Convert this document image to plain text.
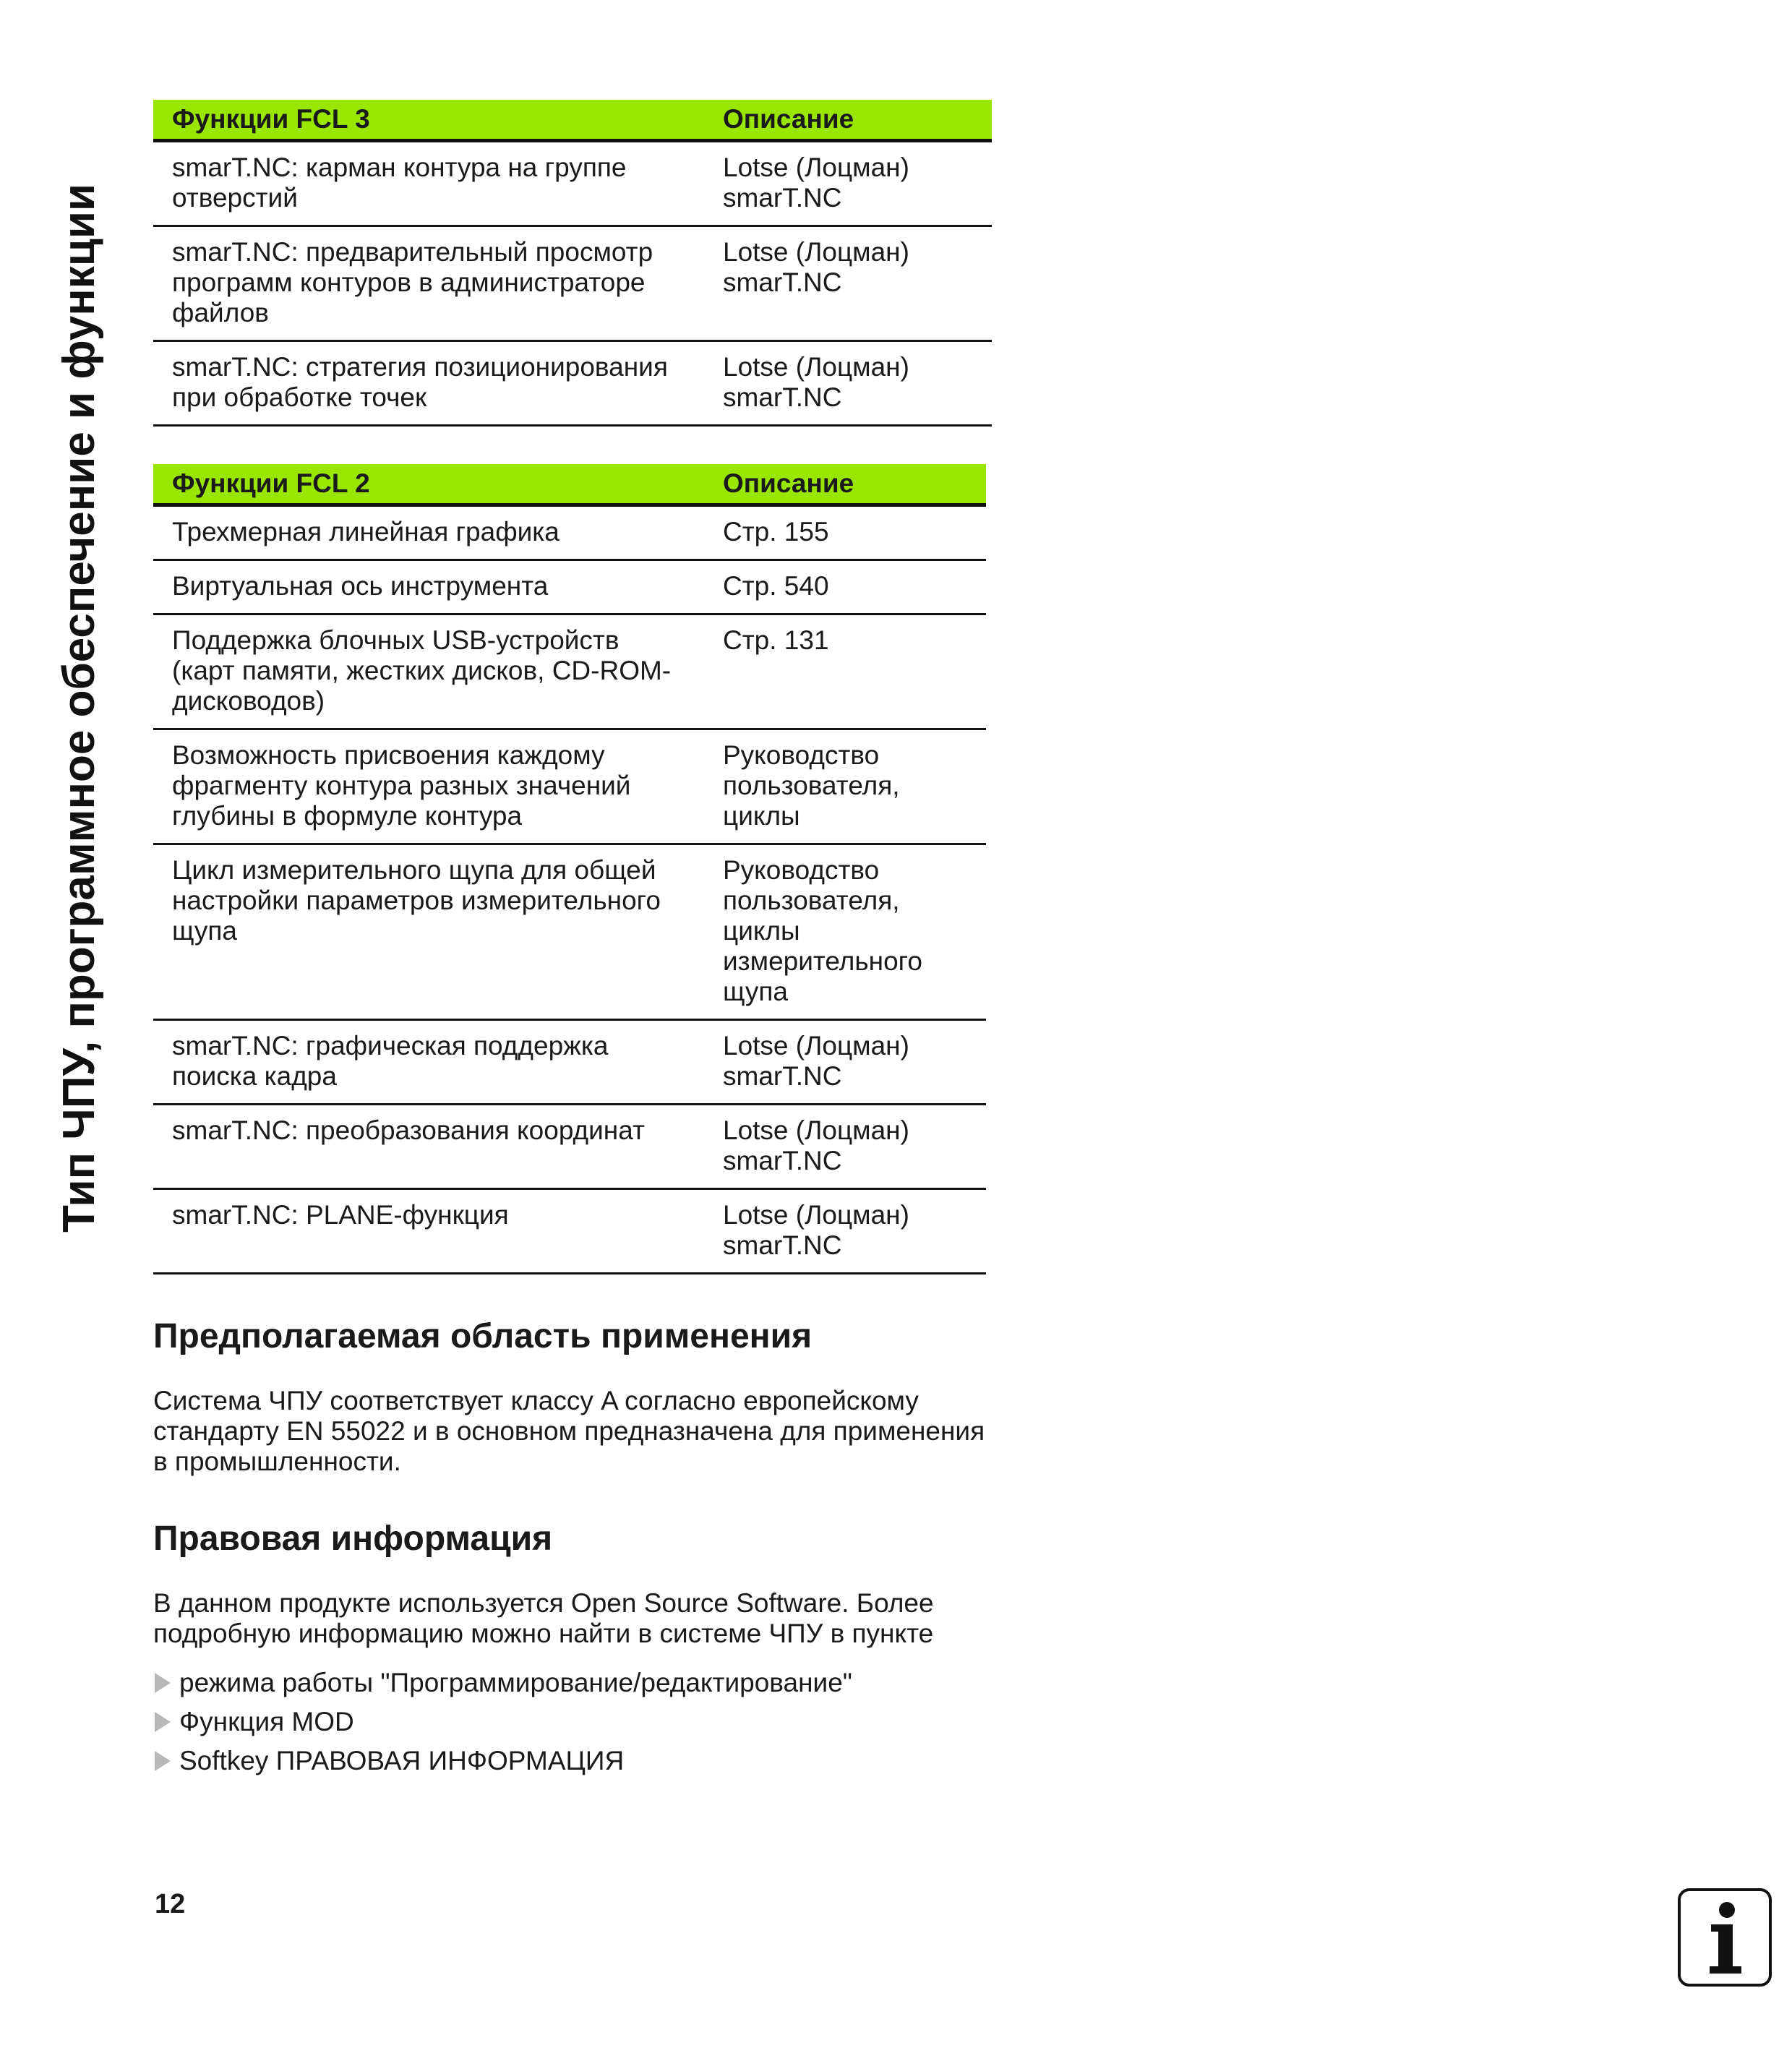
Тип ЧПУ, программное обеспечение и функции
Функции FCL 3	Описание
smarT.NC: карман контура на группе отверстий	Lotse (Лоцман) smarT.NC
smarT.NC: предварительный просмотр программ контуров в администраторе файлов	Lotse (Лоцман) smarT.NC
smarT.NC: стратегия позиционирования при обработке точек	Lotse (Лоцман) smarT.NC
Функции FCL 2	Описание
Трехмерная линейная графика	Стр. 155
Виртуальная ось инструмента	Стр. 540
Поддержка блочных USB-устройств (карт памяти, жестких дисков, CD-ROM-дисководов)	Стр. 131
Возможность присвоения каждому фрагменту контура разных значений глубины в формуле контура	Руководство пользователя, циклы
Цикл измерительного щупа для общей настройки параметров измерительного щупа	Руководство пользователя, циклы измерительного щупа
smarT.NC: графическая поддержка поиска кадра	Lotse (Лоцман) smarT.NC
smarT.NC: преобразования координат	Lotse (Лоцман) smarT.NC
smarT.NC: PLANE-функция	Lotse (Лоцман) smarT.NC
Предполагаемая область применения

Система ЧПУ соответствует классу A согласно европейскому стандарту EN 55022 и в основном предназначена для применения в промышленности.

Правовая информация

В данном продукте используется Open Source Software. Более подробную информацию можно найти в системе ЧПУ в пункте

режима работы "Программирование/редактирование"
Функция MOD
Softkey ПРАВОВАЯ ИНФОРМАЦИЯ
12
